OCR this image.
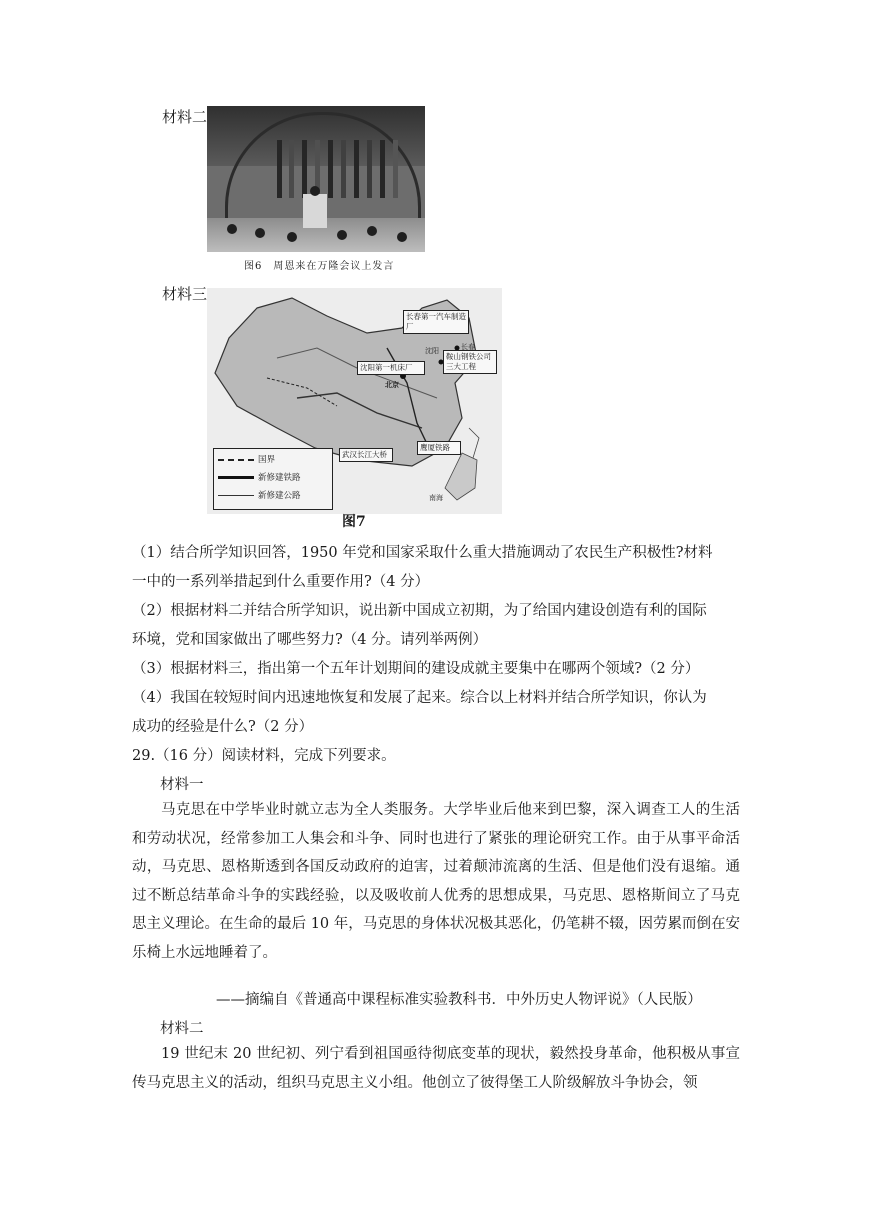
材料二
图6　周恩来在万隆会议上发言
材料三
长春第一汽车制造厂
沈阳第一机床厂
鞍山钢铁公司三大工程
武汉长江大桥
鹰厦铁路
北京
长春
沈阳
南海
国界
新修建铁路
新修建公路
图7
（1）结合所学知识回答，1950 年党和国家采取什么重大措施调动了农民生产积极性?材料
一中的一系列举措起到什么重要作用?（4 分）
（2）根据材料二并结合所学知识，说出新中国成立初期，为了给国内建设创造有利的国际
环境，党和国家做出了哪些努力?（4 分。请列举两例）
（3）根据材料三，指出第一个五年计划期间的建设成就主要集中在哪两个领域?（2 分）
（4）我国在较短时间内迅速地恢复和发展了起来。综合以上材料并结合所学知识，你认为
成功的经验是什么?（2 分）
29.（16 分）阅读材料，完成下列要求。
材料一
马克思在中学毕业时就立志为全人类服务。大学毕业后他来到巴黎，深入调查工人的生活和劳动状况，经常参加工人集会和斗争、同时也进行了紧张的理论研究工作。由于从事平命活动，马克思、恩格斯透到各国反动政府的迫害，过着颠沛流离的生活、但是他们没有退缩。通过不断总结革命斗争的实践经验，以及吸收前人优秀的思想成果，马克思、恩格斯间立了马克思主义理论。在生命的最后 10 年，马克思的身体状况极其恶化，仍笔耕不辍，因劳累而倒在安乐椅上水远地睡着了。
——摘编自《普通高中课程标准实验教科书．中外历史人物评说》（人民版）
材料二
19 世纪末 20 世纪初、列宁看到祖国亟待彻底变革的现状，毅然投身革命，他积极从事宣传马克思主义的活动，组织马克思主义小组。他创立了彼得堡工人阶级解放斗争协会，领
